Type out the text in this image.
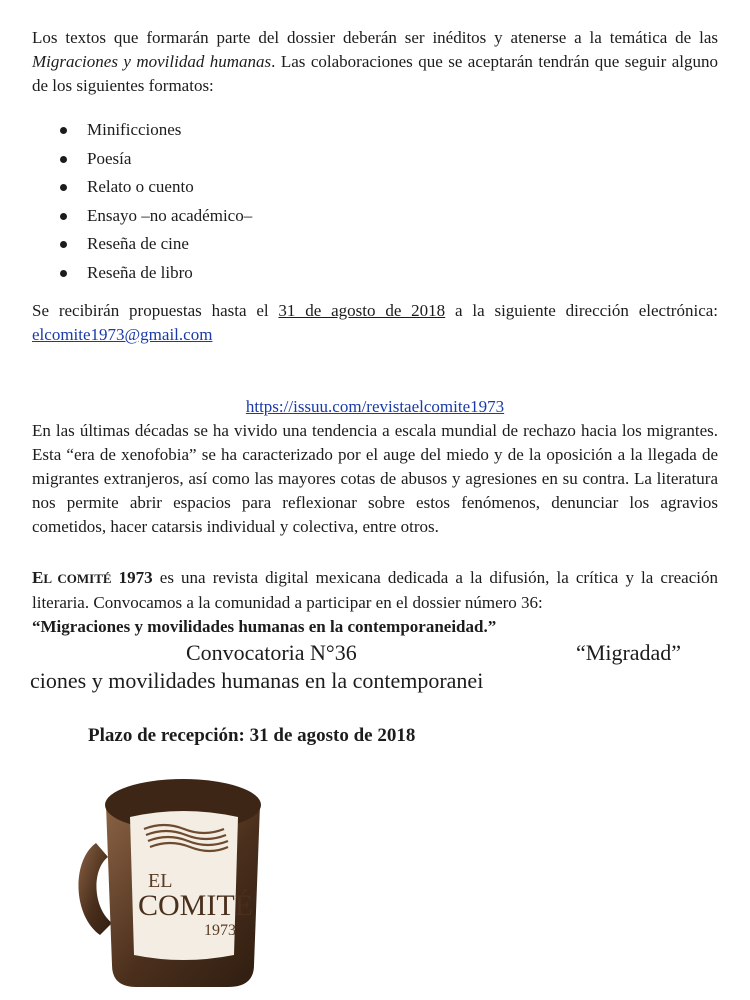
Los textos que formarán parte del dossier deberán ser inéditos y atenerse a la temática de las Migraciones y movilidad humanas. Las colaboraciones que se aceptarán tendrán que seguir alguno de los siguientes formatos:

Minificciones
Poesía
Relato o cuento
Ensayo –no académico–
Reseña de cine
Reseña de libro

Se recibirán propuestas hasta el 31 de agosto de 2018 a la siguiente dirección electrónica: elcomite1973@gmail.com

https://issuu.com/revistaelcomite1973

En las últimas décadas se ha vivido una tendencia a escala mundial de rechazo hacia los migrantes. Esta “era de xenofobia” se ha caracterizado por el auge del miedo y de la oposición a la llegada de migrantes extranjeros, así como las mayores cotas de abusos y agresiones en su contra. La literatura nos permite abrir espacios para reflexionar sobre estos fenómenos, denunciar los agravios cometidos, hacer catarsis individual y colectiva, entre otros.

EL COMITÉ 1973 es una revista digital mexicana dedicada a la difusión, la crítica y la creación literaria. Convocamos a la comunidad a participar en el dossier número 36:
“Migraciones y movilidades humanas en la contemporaneidad.”

Convocatoria N°36	“Migradad”
ciones y movilidades humanas en la contemporanei
Plazo de recepción: 31 de agosto de 2018
EL
COMITÉ
1973
